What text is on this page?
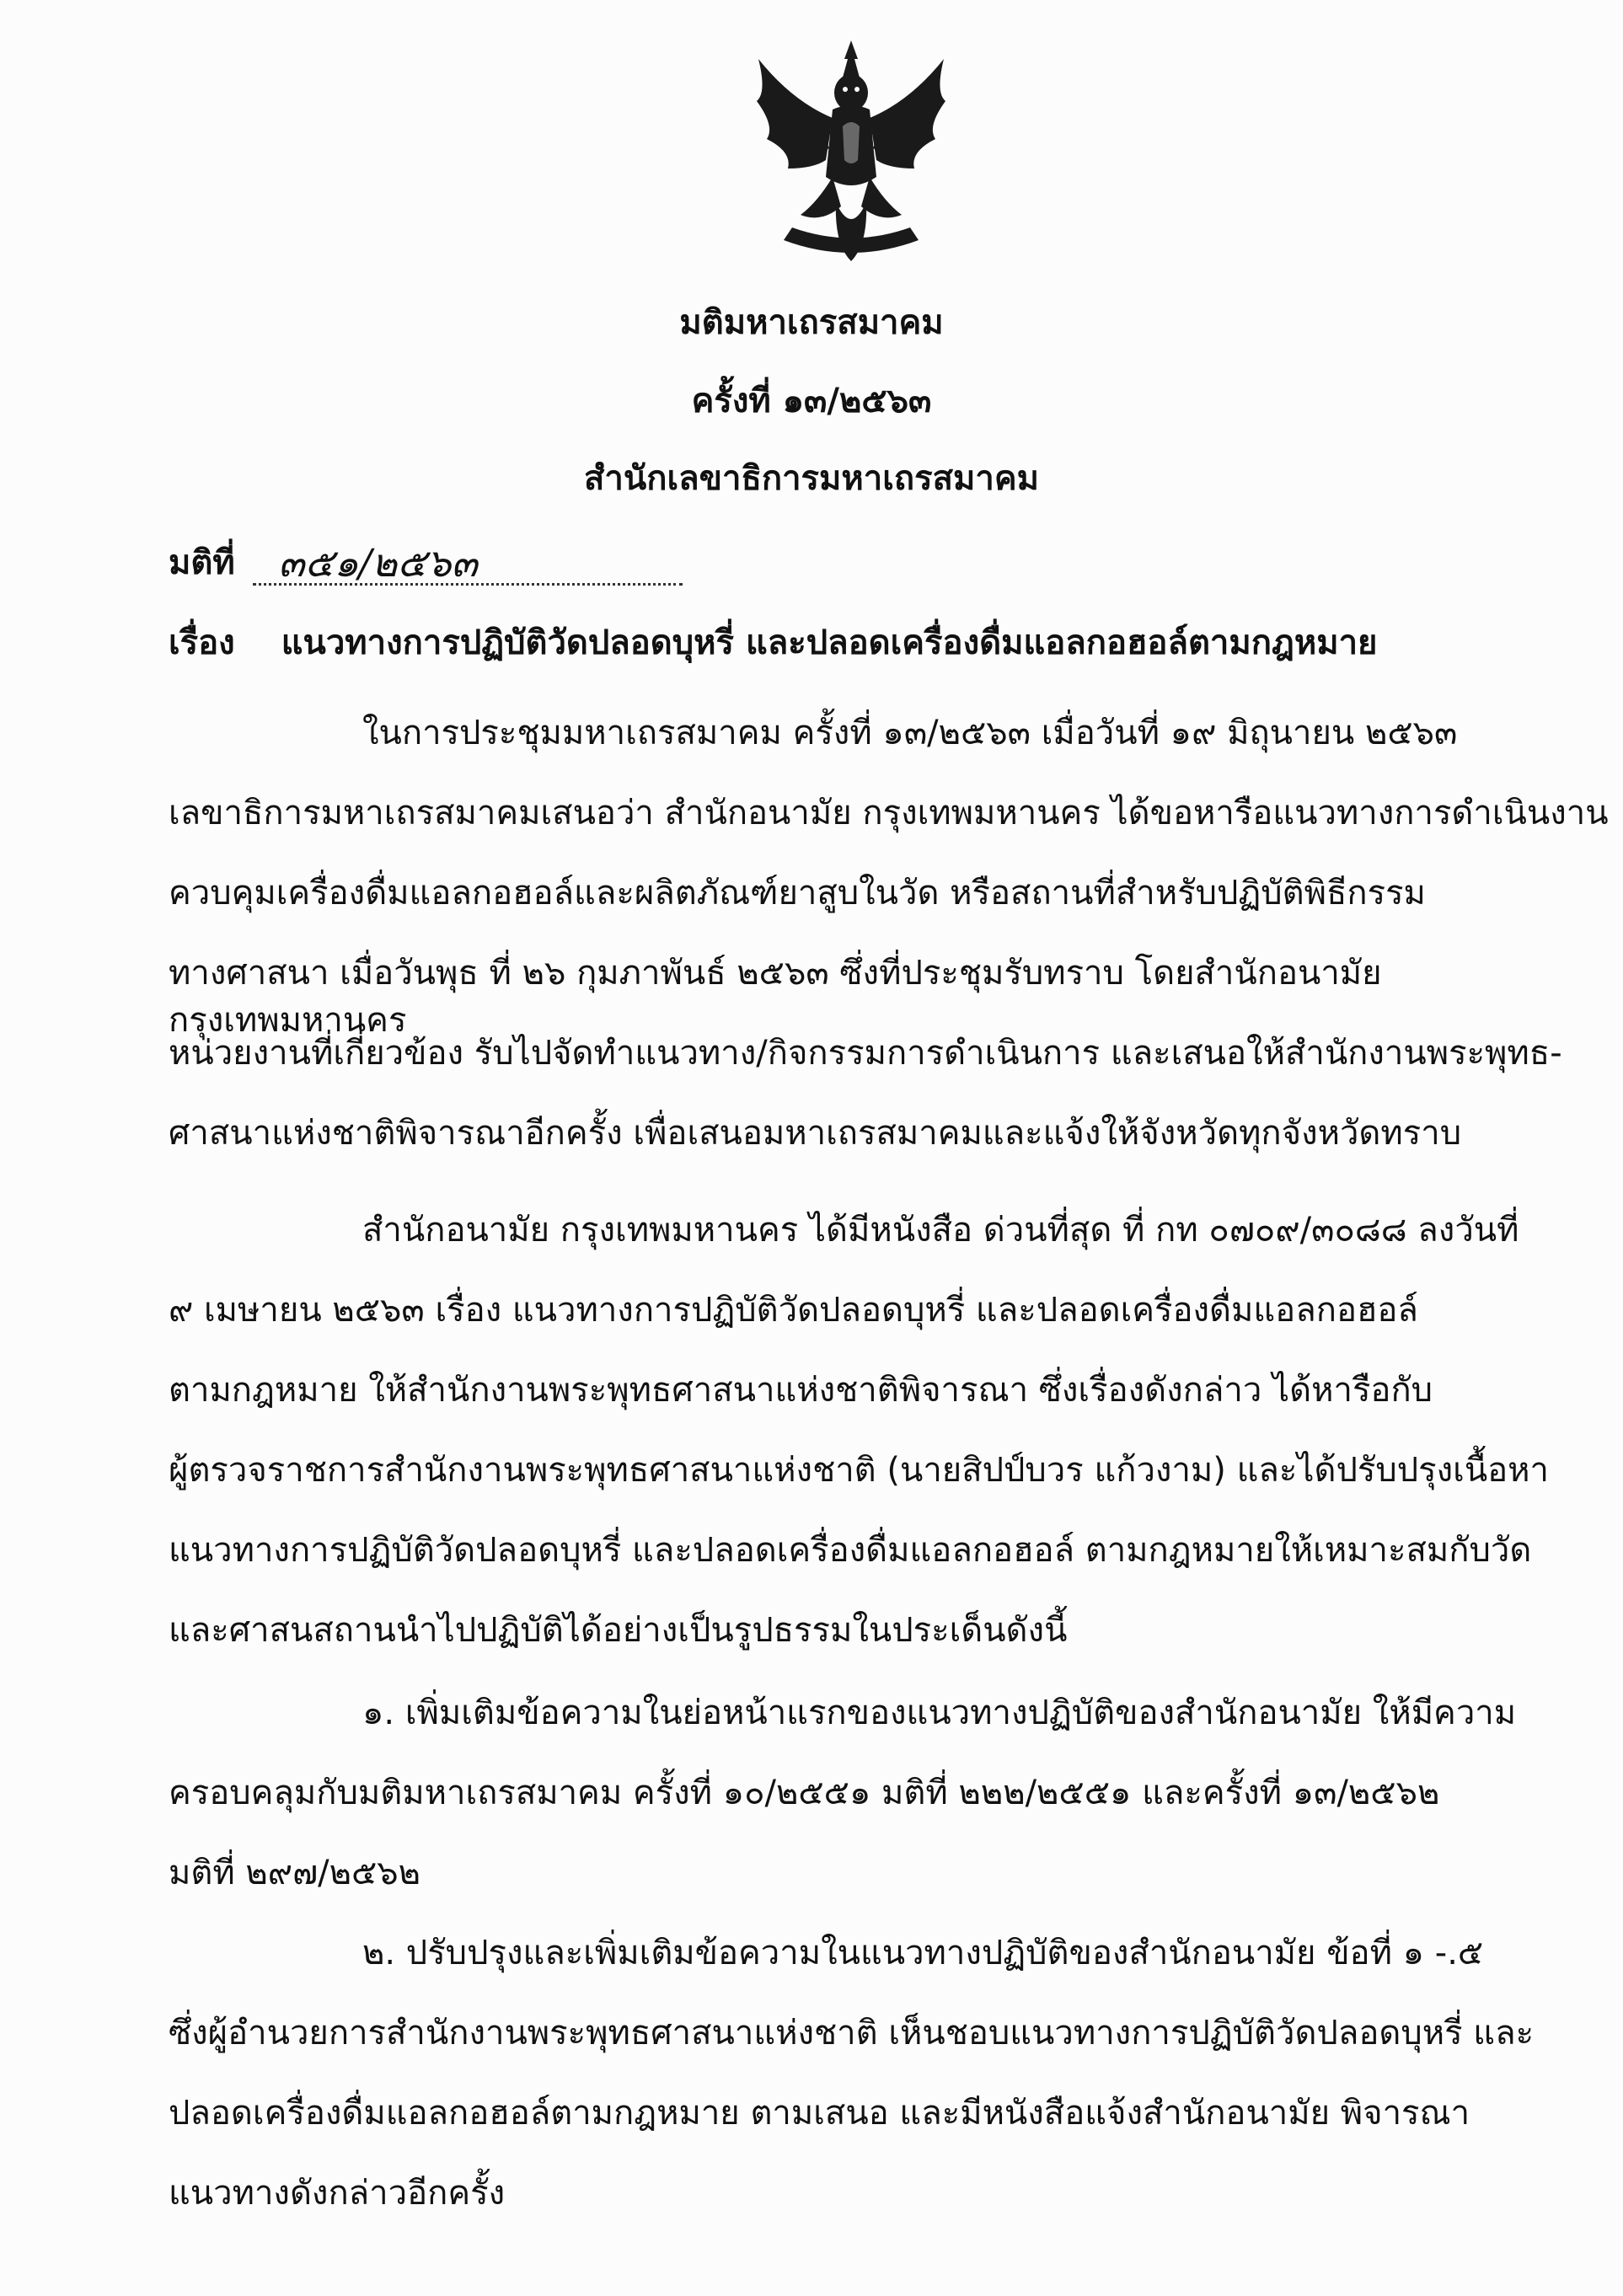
มติมหาเถรสมาคม
ครั้งที่ ๑๓/๒๕๖๓
สำนักเลขาธิการมหาเถรสมาคม
มติที่	๓๕๑/๒๕๖๓
เรื่อง แนวทางการปฏิบัติวัดปลอดบุหรี่ และปลอดเครื่องดื่มแอลกอฮอล์ตามกฎหมาย
ในการประชุมมหาเถรสมาคม ครั้งที่ ๑๓/๒๕๖๓ เมื่อวันที่ ๑๙ มิถุนายน ๒๕๖๓
เลขาธิการมหาเถรสมาคมเสนอว่า สำนักอนามัย กรุงเทพมหานคร ได้ขอหารือแนวทางการดำเนินงาน
ควบคุมเครื่องดื่มแอลกอฮอล์และผลิตภัณฑ์ยาสูบในวัด หรือสถานที่สำหรับปฏิบัติพิธีกรรม
ทางศาสนา เมื่อวันพุธ ที่ ๒๖ กุมภาพันธ์ ๒๕๖๓ ซึ่งที่ประชุมรับทราบ โดยสำนักอนามัย กรุงเทพมหานคร
หน่วยงานที่เกี่ยวข้อง รับไปจัดทำแนวทาง/กิจกรรมการดำเนินการ และเสนอให้สำนักงานพระพุทธ-
ศาสนาแห่งชาติพิจารณาอีกครั้ง เพื่อเสนอมหาเถรสมาคมและแจ้งให้จังหวัดทุกจังหวัดทราบ
สำนักอนามัย กรุงเทพมหานคร ได้มีหนังสือ ด่วนที่สุด ที่ กท ๐๗๐๙/๓๐๘๘ ลงวันที่
๙ เมษายน ๒๕๖๓ เรื่อง แนวทางการปฏิบัติวัดปลอดบุหรี่ และปลอดเครื่องดื่มแอลกอฮอล์
ตามกฎหมาย ให้สำนักงานพระพุทธศาสนาแห่งชาติพิจารณา ซึ่งเรื่องดังกล่าว ได้หารือกับ
ผู้ตรวจราชการสำนักงานพระพุทธศาสนาแห่งชาติ (นายสิปป์บวร แก้วงาม) และได้ปรับปรุงเนื้อหา
แนวทางการปฏิบัติวัดปลอดบุหรี่ และปลอดเครื่องดื่มแอลกอฮอล์ ตามกฎหมายให้เหมาะสมกับวัด
และศาสนสถานนำไปปฏิบัติได้อย่างเป็นรูปธรรมในประเด็นดังนี้
๑. เพิ่มเติมข้อความในย่อหน้าแรกของแนวทางปฏิบัติของสำนักอนามัย ให้มีความ
ครอบคลุมกับมติมหาเถรสมาคม ครั้งที่ ๑๐/๒๕๕๑ มติที่ ๒๒๒/๒๕๕๑ และครั้งที่ ๑๓/๒๕๖๒
มติที่ ๒๙๗/๒๕๖๒
๒. ปรับปรุงและเพิ่มเติมข้อความในแนวทางปฏิบัติของสำนักอนามัย ข้อที่ ๑ -.๕
ซึ่งผู้อำนวยการสำนักงานพระพุทธศาสนาแห่งชาติ เห็นชอบแนวทางการปฏิบัติวัดปลอดบุหรี่ และ
ปลอดเครื่องดื่มแอลกอฮอล์ตามกฎหมาย ตามเสนอ และมีหนังสือแจ้งสำนักอนามัย พิจารณา
แนวทางดังกล่าวอีกครั้ง
